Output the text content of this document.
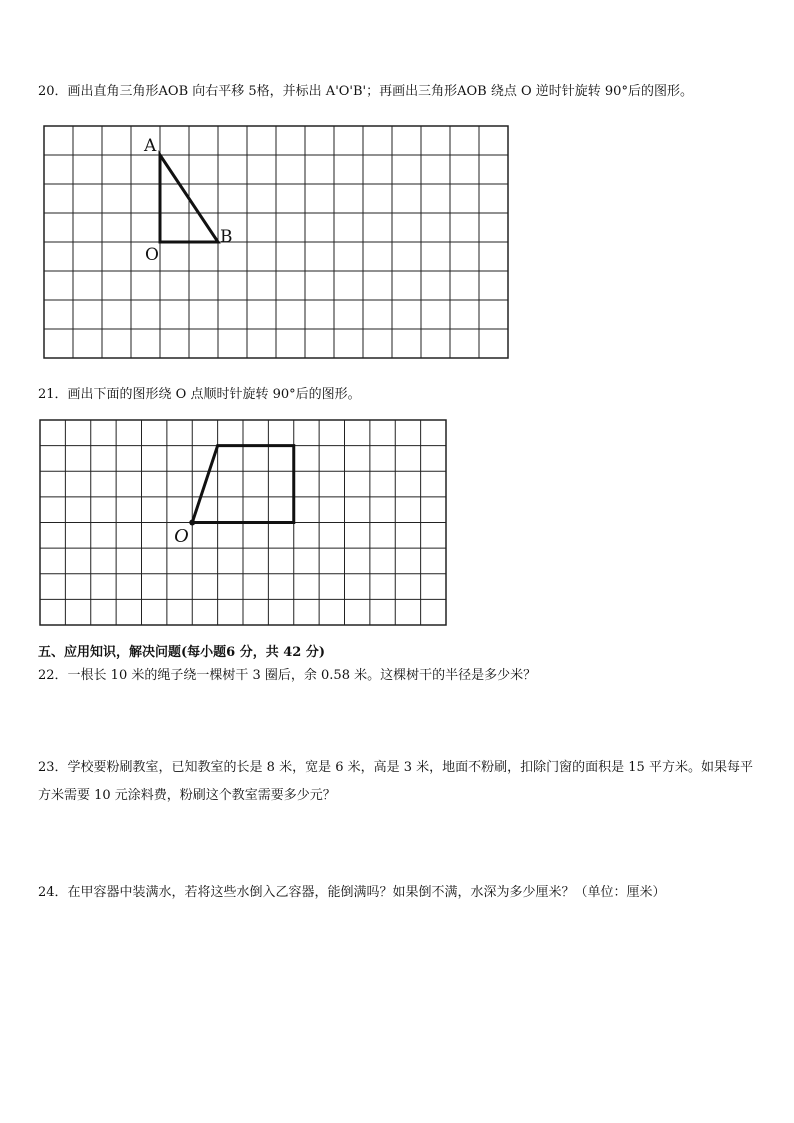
20．画出直角三角形AOB 向右平移 5格，并标出 A'O'B'；再画出三角形AOB 绕点 O 逆时针旋转 90°后的图形。
A
B
O
21．画出下面的图形绕 O 点顺时针旋转 90°后的图形。
O
五、应用知识，解决问题(每小题6 分，共 42 分)
22．一根长 10 米的绳子绕一棵树干 3 圈后，余 0.58 米。这棵树干的半径是多少米？
23．学校要粉刷教室，已知教室的长是 8 米，宽是 6 米，高是 3 米，地面不粉刷，扣除门窗的面积是 15 平方米。如果每平方米需要 10 元涂料费，粉刷这个教室需要多少元？
24．在甲容器中装满水，若将这些水倒入乙容器，能倒满吗？如果倒不满，水深为多少厘米？（单位：厘米）
